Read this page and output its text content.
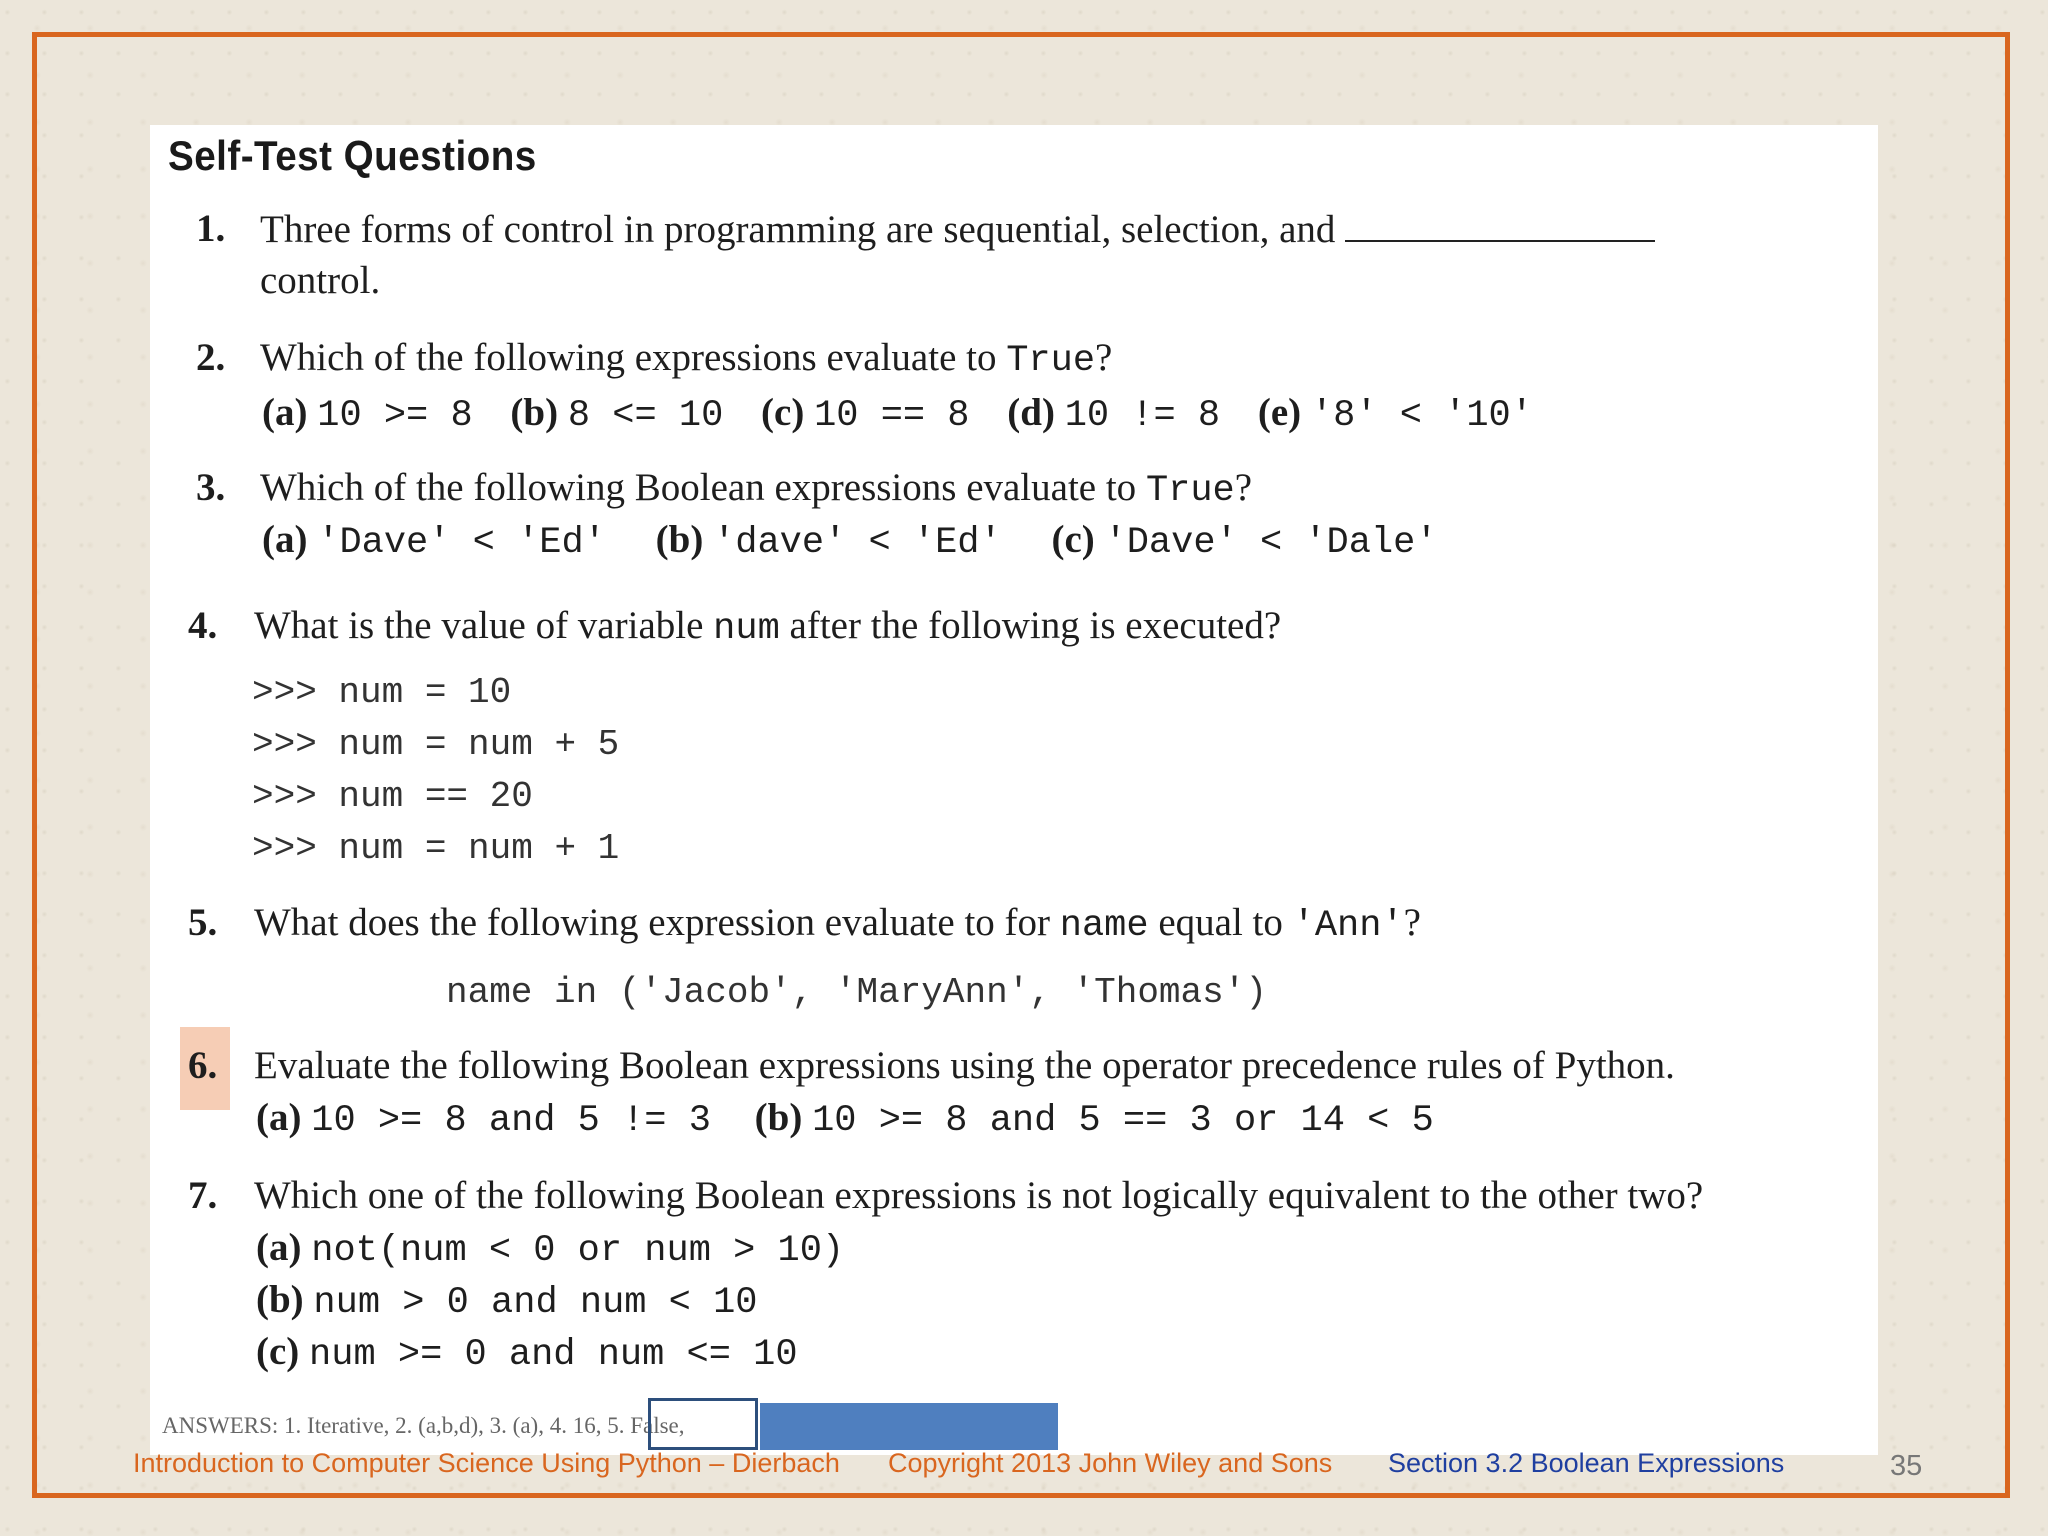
Self-Test Questions
1. Three forms of control in programming are sequential, selection, and
control.
2. Which of the following expressions evaluate to True?
(a) 10 >= 8 (b) 8 <= 10 (c) 10 == 8 (d) 10 != 8 (e) '8' < '10'
3. Which of the following Boolean expressions evaluate to True?
(a) 'Dave' < 'Ed' (b) 'dave' < 'Ed' (c) 'Dave' < 'Dale'
4. What is the value of variable num after the following is executed?
>>> num = 10
>>> num = num + 5
>>> num == 20
>>> num = num + 1
5. What does the following expression evaluate to for name equal to 'Ann'?
name in ('Jacob', 'MaryAnn', 'Thomas')
6. Evaluate the following Boolean expressions using the operator precedence rules of Python.
(a) 10 >= 8 and 5 != 3 (b) 10 >= 8 and 5 == 3 or 14 < 5
7. Which one of the following Boolean expressions is not logically equivalent to the other two?
(a) not(num < 0 or num > 10)
(b) num > 0 and num < 10
(c) num >= 0 and num <= 10
ANSWERS: 1. Iterative, 2. (a,b,d), 3. (a), 4. 16, 5. False,
Introduction to Computer Science Using Python – Dierbach Copyright 2013 John Wiley and Sons Section 3.2 Boolean Expressions	35
